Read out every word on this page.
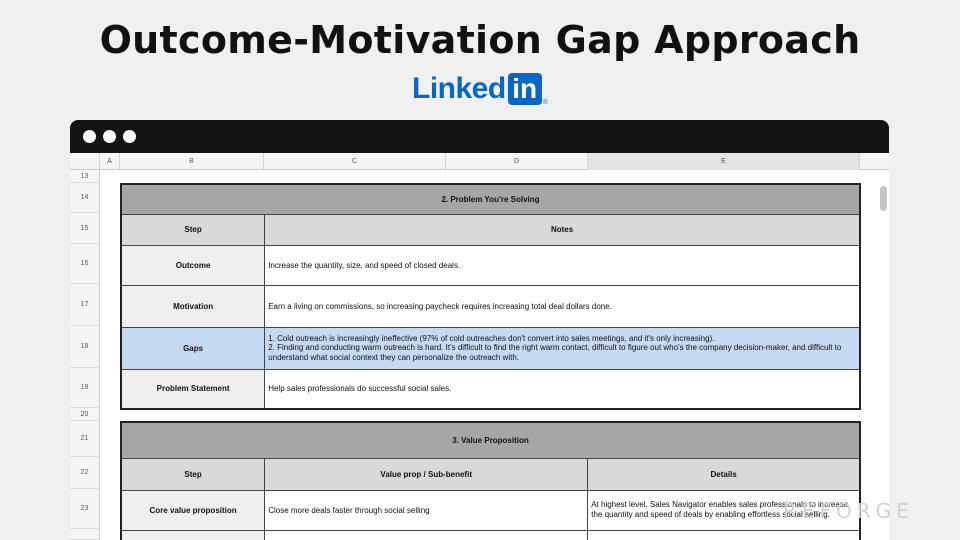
Outcome-Motivation Gap Approach
Linked in ®
A	B	C	D	E
13
14
15
16
17
18
19
20
21
22
23
2. Problem You're Solving	
Step	Notes
Outcome	Increase the quantity, size, and speed of closed deals.
Motivation	Earn a living on commissions, so increasing paycheck requires increasing total deal dollars done.
Gaps	1. Cold outreach is increasingly ineffective (97% of cold outreaches don't convert into sales meetings, and it's only increasing).
2. Finding and conducting warm outreach is hard. It's difficult to find the right warm contact, difficult to figure out who's the company decision-maker, and difficult to understand what social context they can personalize the outreach with.

Problem Statement	Help sales professionals do successful social sales.
3. Value Proposition		
Step	Value prop / Sub-benefit	Details
Core value proposition	Close more deals faster through social selling	At highest level, Sales Navigator enables sales professionals to increase the quantity and speed of deals by enabling effortless social selling.

REFORGE
